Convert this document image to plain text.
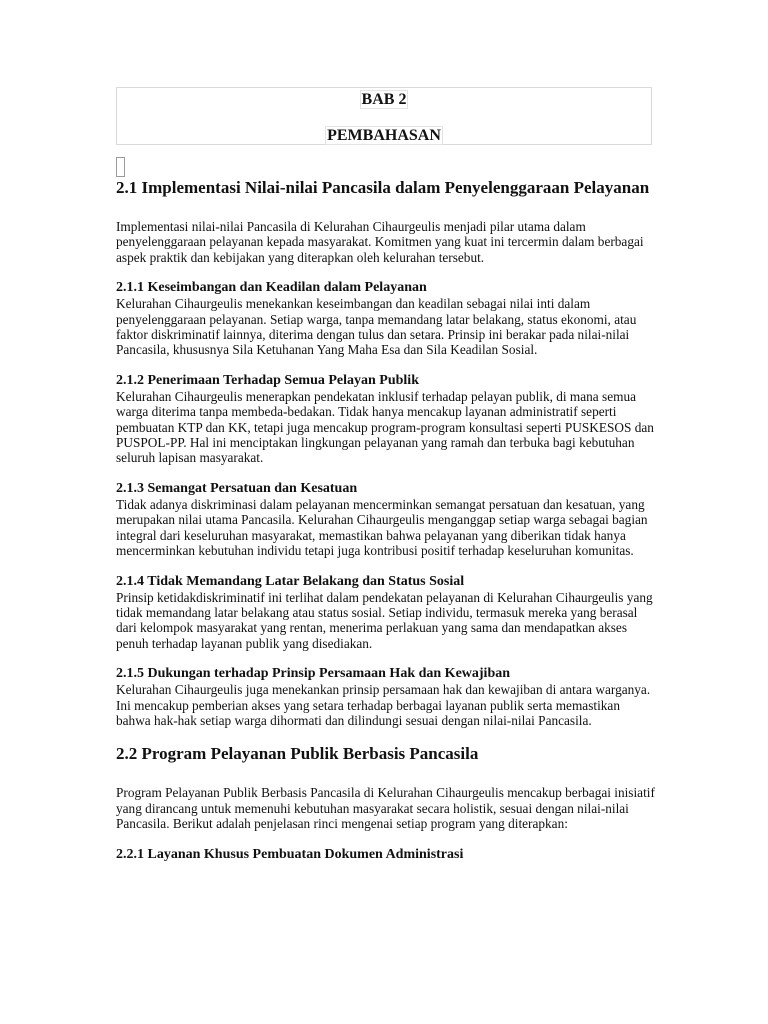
BAB 2
PEMBAHASAN
2.1 Implementasi Nilai-nilai Pancasila dalam Penyelenggaraan Pelayanan

Implementasi nilai-nilai Pancasila di Kelurahan Cihaurgeulis menjadi pilar utama dalam penyelenggaraan pelayanan kepada masyarakat. Komitmen yang kuat ini tercermin dalam berbagai aspek praktik dan kebijakan yang diterapkan oleh kelurahan tersebut.

2.1.1 Keseimbangan dan Keadilan dalam Pelayanan

Kelurahan Cihaurgeulis menekankan keseimbangan dan keadilan sebagai nilai inti dalam penyelenggaraan pelayanan. Setiap warga, tanpa memandang latar belakang, status ekonomi, atau faktor diskriminatif lainnya, diterima dengan tulus dan setara. Prinsip ini berakar pada nilai-nilai Pancasila, khususnya Sila Ketuhanan Yang Maha Esa dan Sila Keadilan Sosial.

2.1.2 Penerimaan Terhadap Semua Pelayan Publik

Kelurahan Cihaurgeulis menerapkan pendekatan inklusif terhadap pelayan publik, di mana semua warga diterima tanpa membeda-bedakan. Tidak hanya mencakup layanan administratif seperti pembuatan KTP dan KK, tetapi juga mencakup program-program konsultasi seperti PUSKESOS dan PUSPOL-PP. Hal ini menciptakan lingkungan pelayanan yang ramah dan terbuka bagi kebutuhan seluruh lapisan masyarakat.

2.1.3 Semangat Persatuan dan Kesatuan

Tidak adanya diskriminasi dalam pelayanan mencerminkan semangat persatuan dan kesatuan, yang merupakan nilai utama Pancasila. Kelurahan Cihaurgeulis menganggap setiap warga sebagai bagian integral dari keseluruhan masyarakat, memastikan bahwa pelayanan yang diberikan tidak hanya mencerminkan kebutuhan individu tetapi juga kontribusi positif terhadap keseluruhan komunitas.

2.1.4 Tidak Memandang Latar Belakang dan Status Sosial

Prinsip ketidakdiskriminatif ini terlihat dalam pendekatan pelayanan di Kelurahan Cihaurgeulis yang tidak memandang latar belakang atau status sosial. Setiap individu, termasuk mereka yang berasal dari kelompok masyarakat yang rentan, menerima perlakuan yang sama dan mendapatkan akses penuh terhadap layanan publik yang disediakan.

2.1.5 Dukungan terhadap Prinsip Persamaan Hak dan Kewajiban

Kelurahan Cihaurgeulis juga menekankan prinsip persamaan hak dan kewajiban di antara warganya. Ini mencakup pemberian akses yang setara terhadap berbagai layanan publik serta memastikan bahwa hak-hak setiap warga dihormati dan dilindungi sesuai dengan nilai-nilai Pancasila.

2.2 Program Pelayanan Publik Berbasis Pancasila

Program Pelayanan Publik Berbasis Pancasila di Kelurahan Cihaurgeulis mencakup berbagai inisiatif yang dirancang untuk memenuhi kebutuhan masyarakat secara holistik, sesuai dengan nilai-nilai Pancasila. Berikut adalah penjelasan rinci mengenai setiap program yang diterapkan:

2.2.1 Layanan Khusus Pembuatan Dokumen Administrasi
